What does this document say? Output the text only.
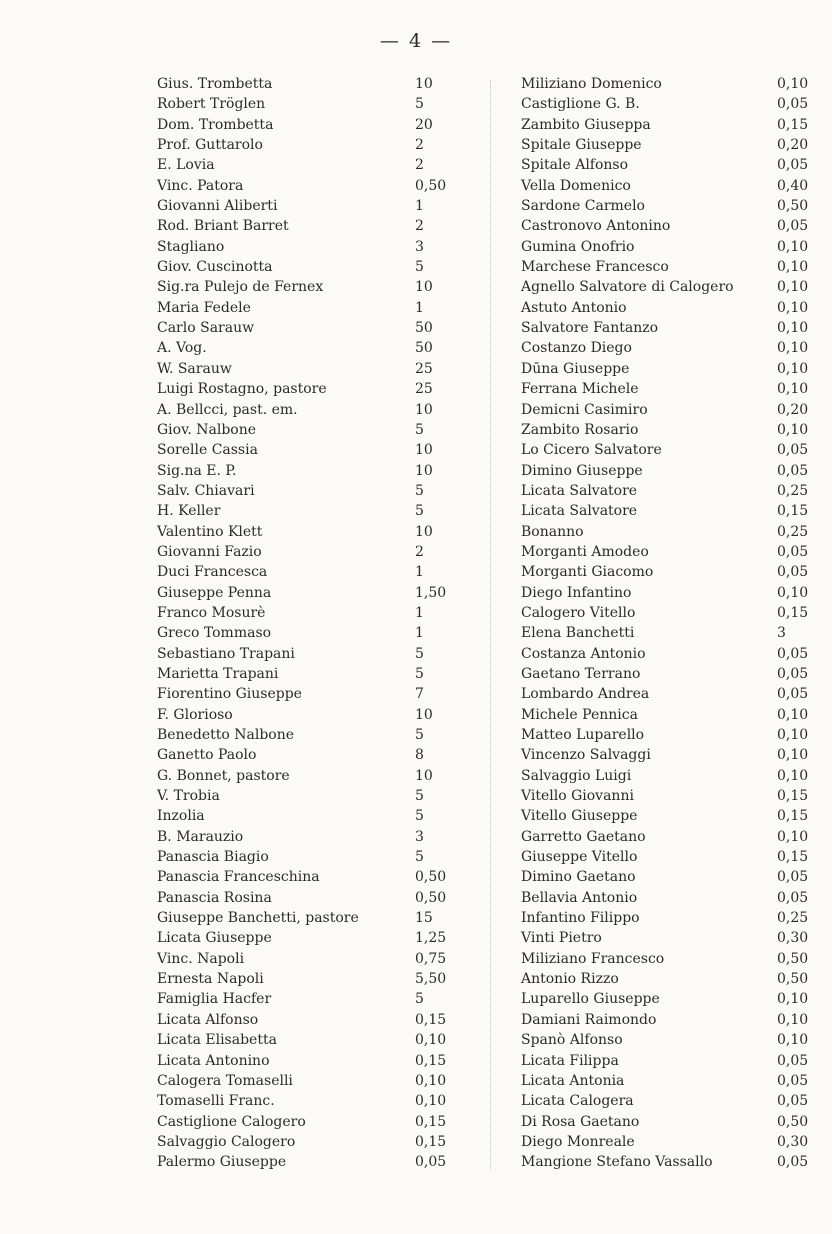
— 4 —
Gius. Trombetta	10
Robert Tröglen	5
Dom. Trombetta	20
Prof. Guttarolo	2
E. Lovia	2
Vinc. Patora	0,50
Giovanni Aliberti	1
Rod. Briant Barret	2
Stagliano	3
Giov. Cuscinotta	5
Sig.ra Pulejo de Fernex	10
Maria Fedele	1
Carlo Sarauw	50
A. Vog.	50
W. Sarauw	25
Luigi Rostagno, pastore	25
A. Bellcci, past. em.	10
Giov. Nalbone	5
Sorelle Cassia	10
Sig.na E. P.	10
Salv. Chiavari	5
H. Keller	5
Valentino Klett	10
Giovanni Fazio	2
Duci Francesca	1
Giuseppe Penna	1,50
Franco Mosurè	1
Greco Tommaso	1
Sebastiano Trapani	5
Marietta Trapani	5
Fiorentino Giuseppe	7
F. Glorioso	10
Benedetto Nalbone	5
Ganetto Paolo	8
G. Bonnet, pastore	10
V. Trobia	5
Inzolia	5
B. Marauzio	3
Panascia Biagio	5
Panascia Franceschina	0,50
Panascia Rosina	0,50
Giuseppe Banchetti, pastore	15
Licata Giuseppe	1,25
Vinc. Napoli	0,75
Ernesta Napoli	5,50
Famiglia Hacfer	5
Licata Alfonso	0,15
Licata Elisabetta	0,10
Licata Antonino	0,15
Calogera Tomaselli	0,10
Tomaselli Franc.	0,10
Castiglione Calogero	0,15
Salvaggio Calogero	0,15
Palermo Giuseppe	0,05
Miliziano Domenico	0,10
Castiglione G. B.	0,05
Zambito Giuseppa	0,15
Spitale Giuseppe	0,20
Spitale Alfonso	0,05
Vella Domenico	0,40
Sardone Carmelo	0,50
Castronovo Antonino	0,05
Gumina Onofrio	0,10
Marchese Francesco	0,10
Agnello Salvatore di Calogero	0,10
Astuto Antonio	0,10
Salvatore Fantanzo	0,10
Costanzo Diego	0,10
Dūna Giuseppe	0,10
Ferrana Michele	0,10
Demicni Casimiro	0,20
Zambito Rosario	0,10
Lo Cicero Salvatore	0,05
Dimino Giuseppe	0,05
Licata Salvatore	0,25
Licata Salvatore	0,15
Bonanno	0,25
Morganti Amodeo	0,05
Morganti Giacomo	0,05
Diego Infantino	0,10
Calogero Vitello	0,15
Elena Banchetti	3
Costanza Antonio	0,05
Gaetano Terrano	0,05
Lombardo Andrea	0,05
Michele Pennica	0,10
Matteo Luparello	0,10
Vincenzo Salvaggi	0,10
Salvaggio Luigi	0,10
Vitello Giovanni	0,15
Vitello Giuseppe	0,15
Garretto Gaetano	0,10
Giuseppe Vitello	0,15
Dimino Gaetano	0,05
Bellavia Antonio	0,05
Infantino Filippo	0,25
Vinti Pietro	0,30
Miliziano Francesco	0,50
Antonio Rizzo	0,50
Luparello Giuseppe	0,10
Damiani Raimondo	0,10
Spanò Alfonso	0,10
Licata Filippa	0,05
Licata Antonia	0,05
Licata Calogera	0,05
Di Rosa Gaetano	0,50
Diego Monreale	0,30
Mangione Stefano Vassallo	0,05
